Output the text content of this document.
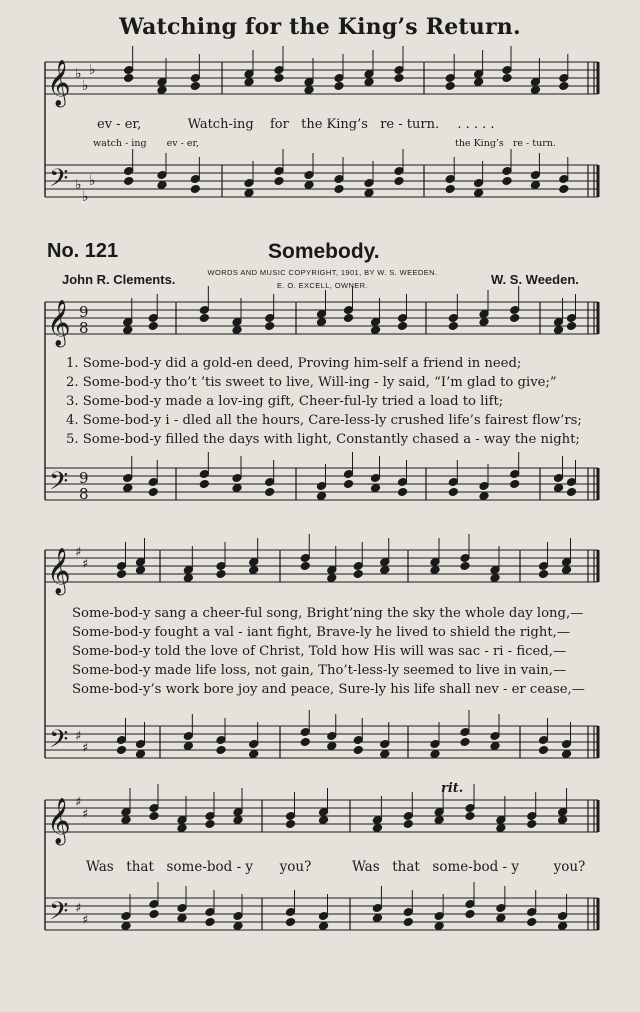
Watching for the King’s Return.
𝄞
𝄢
♭
♭
♭
♭
♭
♭
𝄞
𝄢
9
8
9
8
𝄞
𝄢
♯
♯
♯
♯
𝄞
𝄢
♯
♯
♯
♯
ev - er,	Watch-ing for the King’s re - turn. . . . . .
watch - ing ev - er,	the King’s re - turn.
No. 121	Somebody.
John R. Clements.	W. S. Weeden.
WORDS AND MUSIC COPYRIGHT, 1901, BY W. S. WEEDEN.
E. O. EXCELL, OWNER.
1. Some-bod-y did a gold-en deed, Proving him-self a friend in need;
2. Some-bod-y tho’t ’tis sweet to live, Will-ing - ly said, “I’m glad to give;”
3. Some-bod-y made a lov-ing gift, Cheer-ful-ly tried a load to lift;
4. Some-bod-y i - dled all the hours, Care-less-ly crushed life’s fairest flow’rs;
5. Some-bod-y filled the days with light, Constantly chased a - way the night;
Some-bod-y sang a cheer-ful song, Bright’ning the sky the whole day long,—
Some-bod-y fought a val - iant fight, Brave-ly he lived to shield the right,—
Some-bod-y told the love of Christ, Told how His will was sac - ri - ficed,—
Some-bod-y made life loss, not gain, Tho’t-less-ly seemed to live in vain,—
Some-bod-y’s work bore joy and peace, Sure-ly his life shall nev - er cease,—
rit.
Was that some-bod - y you?	Was that some-bod - y	you?
